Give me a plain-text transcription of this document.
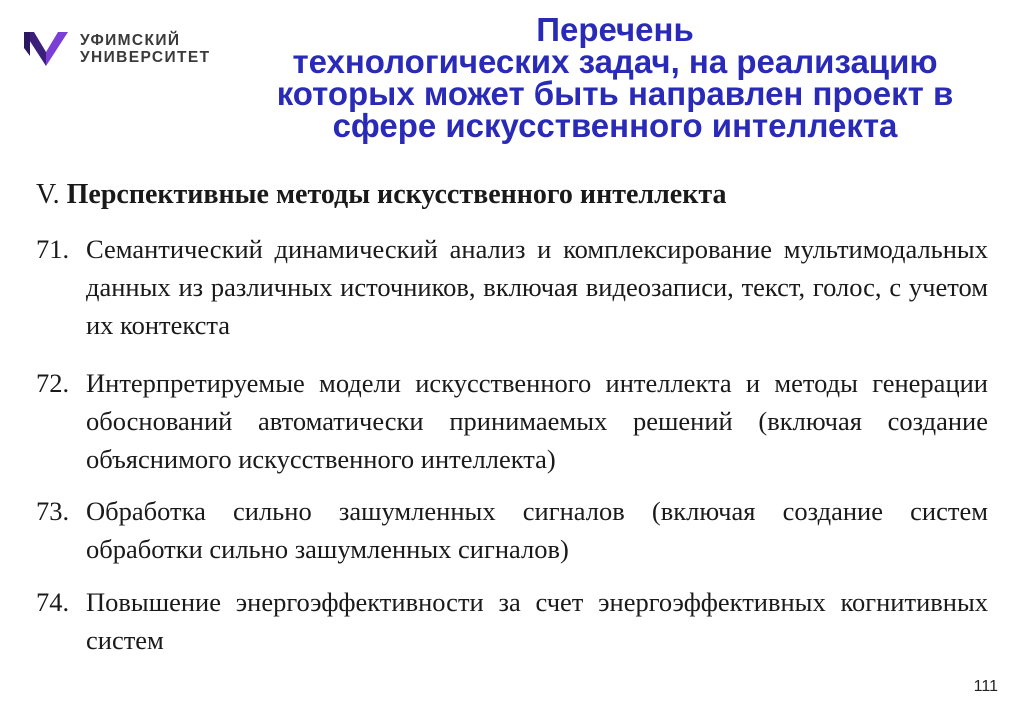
УФИМСКИЙ
УНИВЕРСИТЕТ
Перечень
технологических задач, на реализацию
которых может быть направлен проект в
сфере искусственного интеллекта
V. Перспективные методы искусственного интеллекта
71. Семантический динамический анализ и комплексирование мультимодальных данных из различных источников, включая видеозаписи, текст, голос, с учетом их контекста
72. Интерпретируемые модели искусственного интеллекта и методы генерации обоснований автоматически принимаемых решений (включая создание объяснимого искусственного интеллекта)
73. Обработка сильно зашумленных сигналов (включая создание систем обработки сильно зашумленных сигналов)
74. Повышение энергоэффективности за счет энергоэффективных когнитивных систем
111
